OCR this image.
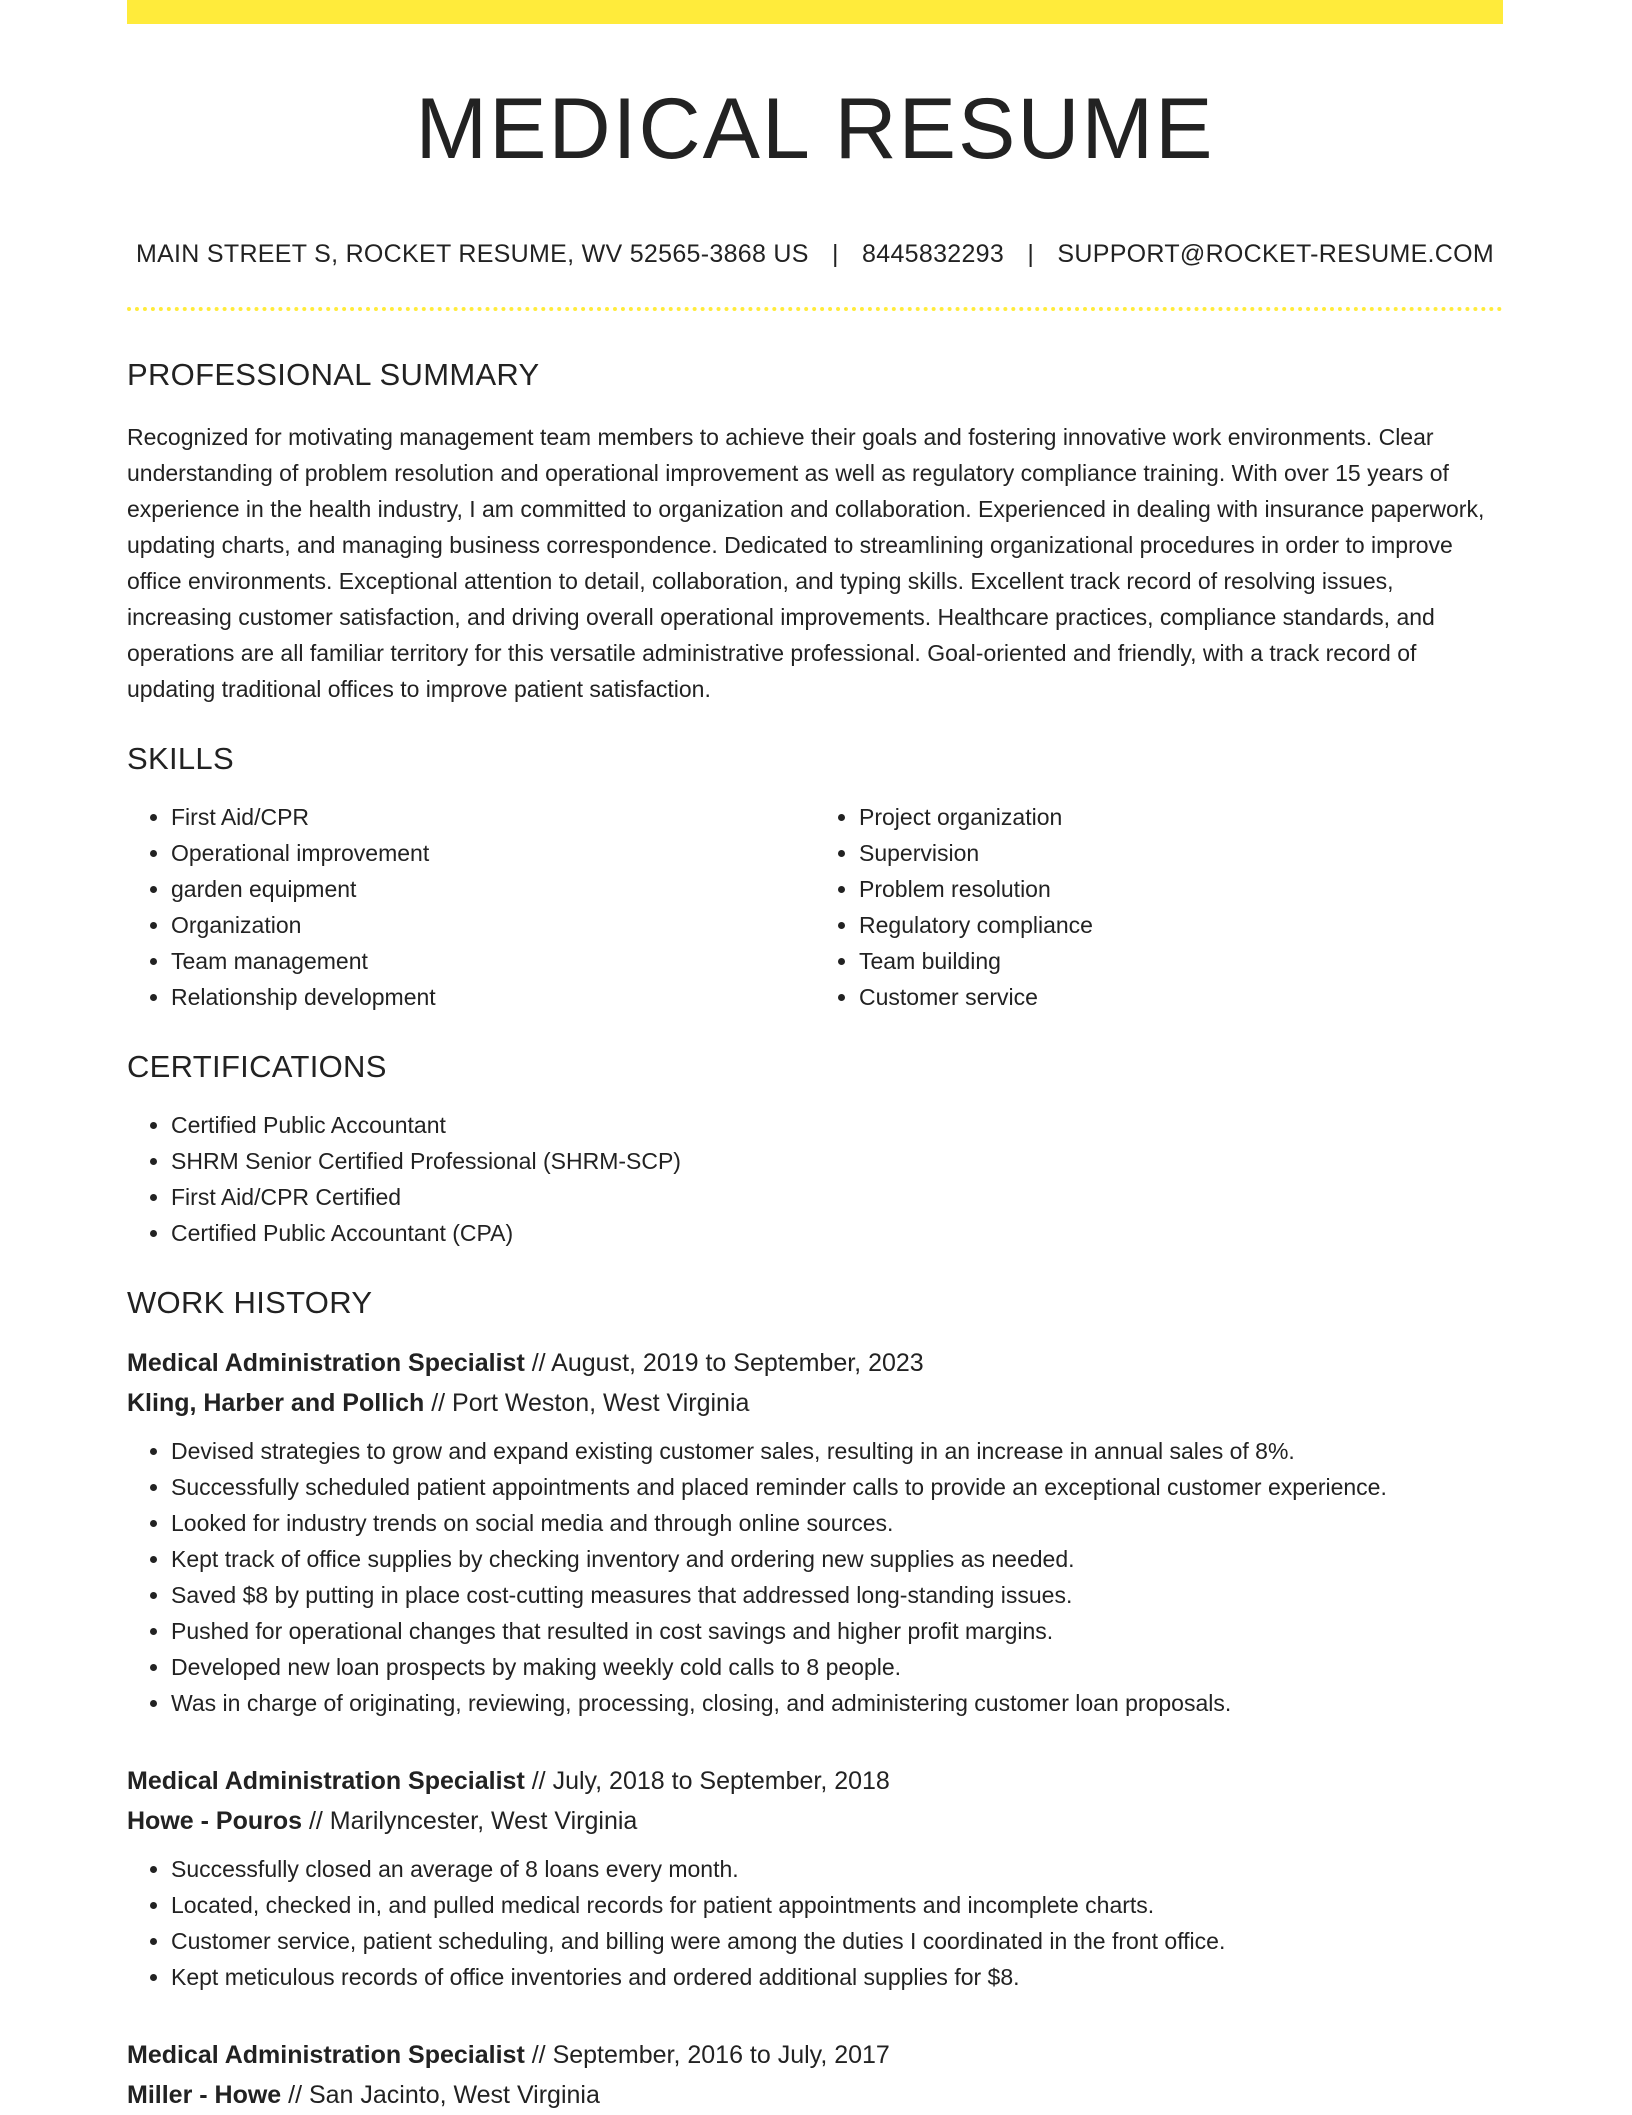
MEDICAL RESUME
MAIN STREET S, ROCKET RESUME, WV 52565-3868 US | 8445832293 | SUPPORT@ROCKET-RESUME.COM
PROFESSIONAL SUMMARY
Recognized for motivating management team members to achieve their goals and fostering innovative work environments. Clear understanding of problem resolution and operational improvement as well as regulatory compliance training. With over 15 years of experience in the health industry, I am committed to organization and collaboration. Experienced in dealing with insurance paperwork, updating charts, and managing business correspondence. Dedicated to streamlining organizational procedures in order to improve office environments. Exceptional attention to detail, collaboration, and typing skills. Excellent track record of resolving issues, increasing customer satisfaction, and driving overall operational improvements. Healthcare practices, compliance standards, and operations are all familiar territory for this versatile administrative professional. Goal-oriented and friendly, with a track record of updating traditional offices to improve patient satisfaction.
SKILLS
• First Aid/CPR
• Operational improvement
• garden equipment
• Organization
• Team management
• Relationship development
• Project organization
• Supervision
• Problem resolution
• Regulatory compliance
• Team building
• Customer service
CERTIFICATIONS
• Certified Public Accountant
• SHRM Senior Certified Professional (SHRM-SCP)
• First Aid/CPR Certified
• Certified Public Accountant (CPA)
WORK HISTORY
Medical Administration Specialist // August, 2019 to September, 2023
Kling, Harber and Pollich // Port Weston, West Virginia
• Devised strategies to grow and expand existing customer sales, resulting in an increase in annual sales of 8%.
• Successfully scheduled patient appointments and placed reminder calls to provide an exceptional customer experience.
• Looked for industry trends on social media and through online sources.
• Kept track of office supplies by checking inventory and ordering new supplies as needed.
• Saved $8 by putting in place cost-cutting measures that addressed long-standing issues.
• Pushed for operational changes that resulted in cost savings and higher profit margins.
• Developed new loan prospects by making weekly cold calls to 8 people.
• Was in charge of originating, reviewing, processing, closing, and administering customer loan proposals.
Medical Administration Specialist // July, 2018 to September, 2018
Howe - Pouros // Marilyncester, West Virginia
• Successfully closed an average of 8 loans every month.
• Located, checked in, and pulled medical records for patient appointments and incomplete charts.
• Customer service, patient scheduling, and billing were among the duties I coordinated in the front office.
• Kept meticulous records of office inventories and ordered additional supplies for $8.
Medical Administration Specialist // September, 2016 to July, 2017
Miller - Howe // San Jacinto, West Virginia
